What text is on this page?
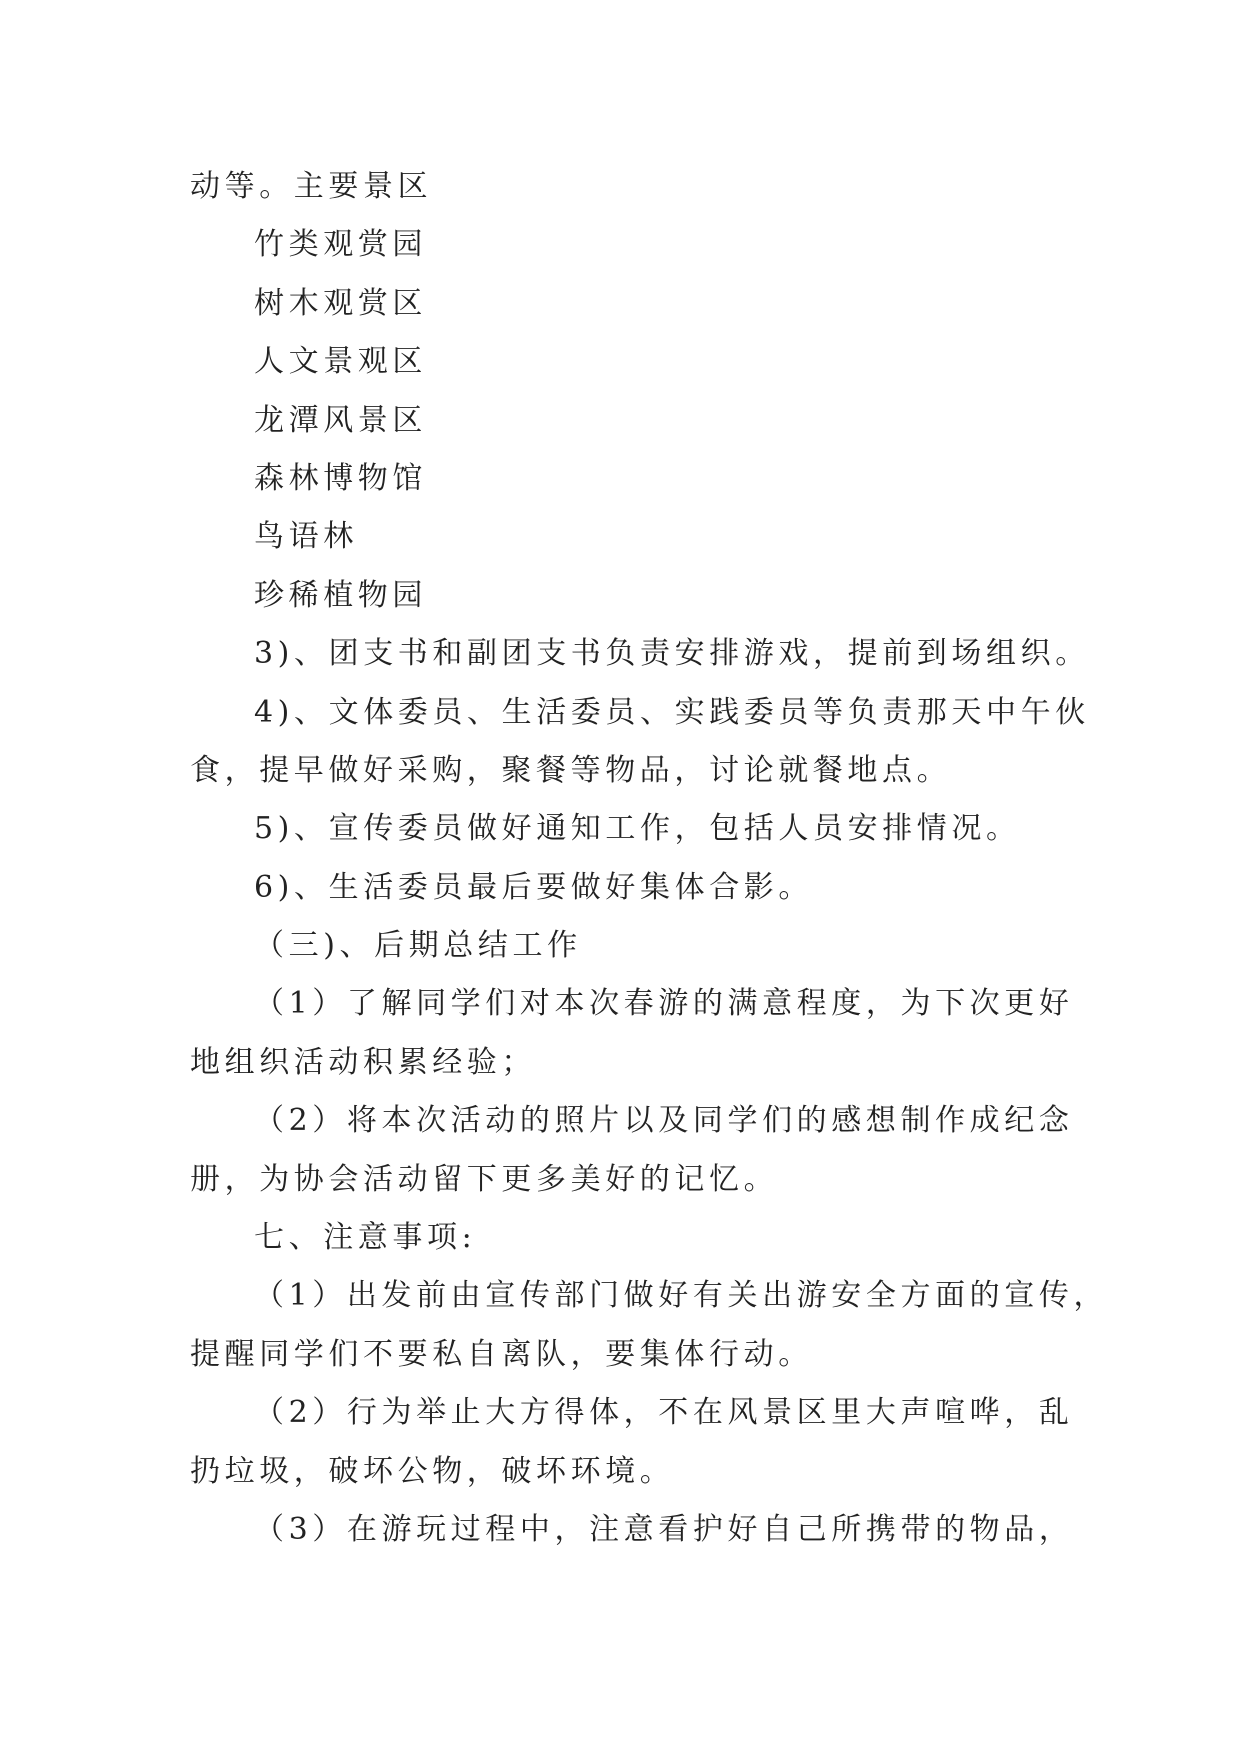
动等。主要景区
竹类观赏园
树木观赏区
人文景观区
龙潭风景区
森林博物馆
鸟语林
珍稀植物园
3)、团支书和副团支书负责安排游戏，提前到场组织。
4)、文体委员、生活委员、实践委员等负责那天中午伙
食，提早做好采购，聚餐等物品，讨论就餐地点。
5)、宣传委员做好通知工作，包括人员安排情况。
6)、生活委员最后要做好集体合影。
（三)、后期总结工作
（1）了解同学们对本次春游的满意程度，为下次更好
地组织活动积累经验；
（2）将本次活动的照片以及同学们的感想制作成纪念
册，为协会活动留下更多美好的记忆。
七、注意事项:
（1）出发前由宣传部门做好有关出游安全方面的宣传，
提醒同学们不要私自离队，要集体行动。
（2）行为举止大方得体，不在风景区里大声喧哗，乱
扔垃圾，破坏公物，破坏环境。
（3）在游玩过程中，注意看护好自己所携带的物品，
